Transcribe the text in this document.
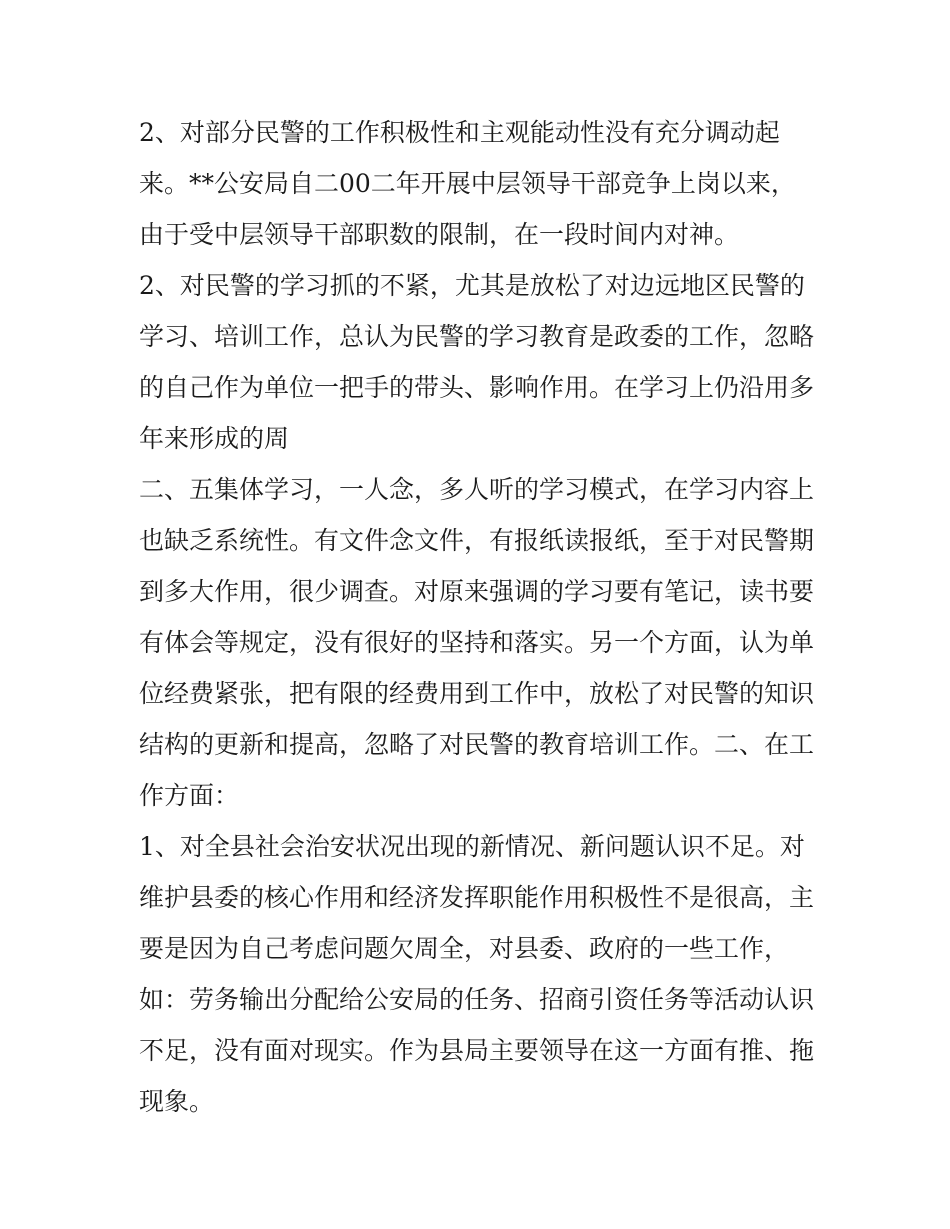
2、对部分民警的工作积极性和主观能动性没有充分调动起
来。**公安局自二00二年开展中层领导干部竞争上岗以来，
由于受中层领导干部职数的限制，在一段时间内对神。
2、对民警的学习抓的不紧，尤其是放松了对边远地区民警的
学习、培训工作，总认为民警的学习教育是政委的工作，忽略
的自己作为单位一把手的带头、影响作用。在学习上仍沿用多
年来形成的周
二、五集体学习，一人念，多人听的学习模式，在学习内容上
也缺乏系统性。有文件念文件，有报纸读报纸，至于对民警期
到多大作用，很少调查。对原来强调的学习要有笔记，读书要
有体会等规定，没有很好的坚持和落实。另一个方面，认为单
位经费紧张，把有限的经费用到工作中，放松了对民警的知识
结构的更新和提高，忽略了对民警的教育培训工作。二、在工
作方面：
1、对全县社会治安状况出现的新情况、新问题认识不足。对
维护县委的核心作用和经济发挥职能作用积极性不是很高，主
要是因为自己考虑问题欠周全，对县委、政府的一些工作，
如：劳务输出分配给公安局的任务、招商引资任务等活动认识
不足，没有面对现实。作为县局主要领导在这一方面有推、拖
现象。
